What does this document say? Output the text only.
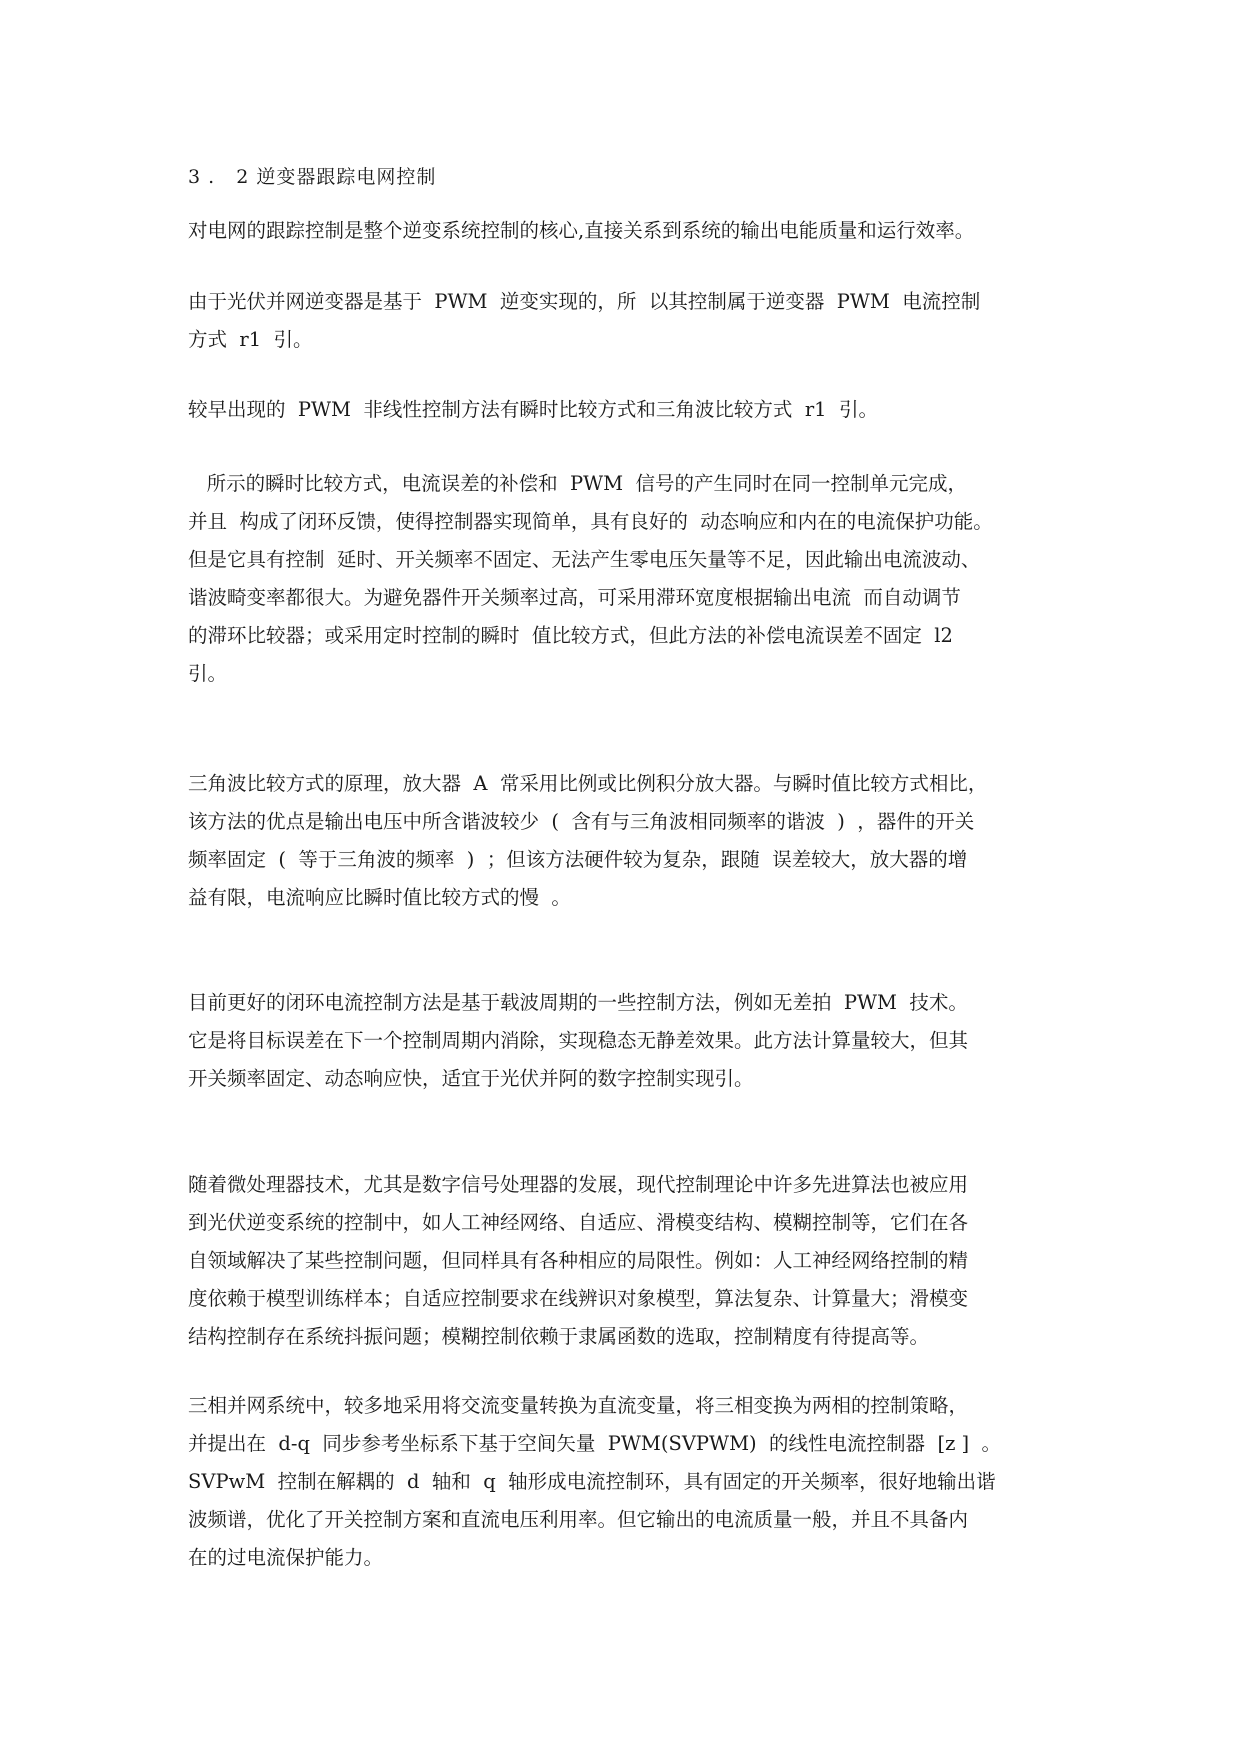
3 .   2 逆变器跟踪电网控制

对电网的跟踪控制是整个逆变系统控制的核心,直接关系到系统的输出电能质量和运行效率。

由于光伏并网逆变器是基于  PWM  逆变实现的，所  以其控制属于逆变器  PWM  电流控制
方式  r1  引。

较早出现的  PWM  非线性控制方法有瞬时比较方式和三角波比较方式  r1  引。

所示的瞬时比较方式，电流误差的补偿和  PWM  信号的产生同时在同一控制单元完成，
并且  构成了闭环反馈，使得控制器实现简单，具有良好的  动态响应和内在的电流保护功能。
但是它具有控制  延时、开关频率不固定、无法产生零电压矢量等不足，因此输出电流波动、
谐波畸变率都很大。为避免器件开关频率过高，可采用滞环宽度根据输出电流  而自动调节
的滞环比较器；或采用定时控制的瞬时  值比较方式，但此方法的补偿电流误差不固定  l2
引。

三角波比较方式的原理，放大器  A  常采用比例或比例积分放大器。与瞬时值比较方式相比，
该方法的优点是输出电压中所含谐波较少  (  含有与三角波相同频率的谐波  )  ，器件的开关
频率固定  (  等于三角波的频率  )  ；但该方法硬件较为复杂，跟随  误差较大，放大器的增
益有限，电流响应比瞬时值比较方式的慢  。

目前更好的闭环电流控制方法是基于载波周期的一些控制方法，例如无差拍  PWM  技术。
它是将目标误差在下一个控制周期内消除，实现稳态无静差效果。此方法计算量较大，但其
开关频率固定、动态响应快，适宜于光伏并阿的数字控制实现引。

随着微处理器技术，尤其是数字信号处理器的发展，现代控制理论中许多先进算法也被应用
到光伏逆变系统的控制中，如人工神经网络、自适应、滑模变结构、模糊控制等，它们在各
自领域解决了某些控制问题，但同样具有各种相应的局限性。例如：人工神经网络控制的精
度依赖于模型训练样本；自适应控制要求在线辨识对象模型，算法复杂、计算量大；滑模变
结构控制存在系统抖振问题；模糊控制依赖于隶属函数的选取，控制精度有待提高等。

三相并网系统中，较多地采用将交流变量转换为直流变量，将三相变换为两相的控制策略，
并提出在  d-q  同步参考坐标系下基于空间矢量  PWM(SVPWM)  的线性电流控制器  [z ]  。
SVPwM  控制在解耦的  d  轴和  q  轴形成电流控制环，具有固定的开关频率，很好地输出谐
波频谱，优化了开关控制方案和直流电压利用率。但它输出的电流质量一般，并且不具备内
在的过电流保护能力。
